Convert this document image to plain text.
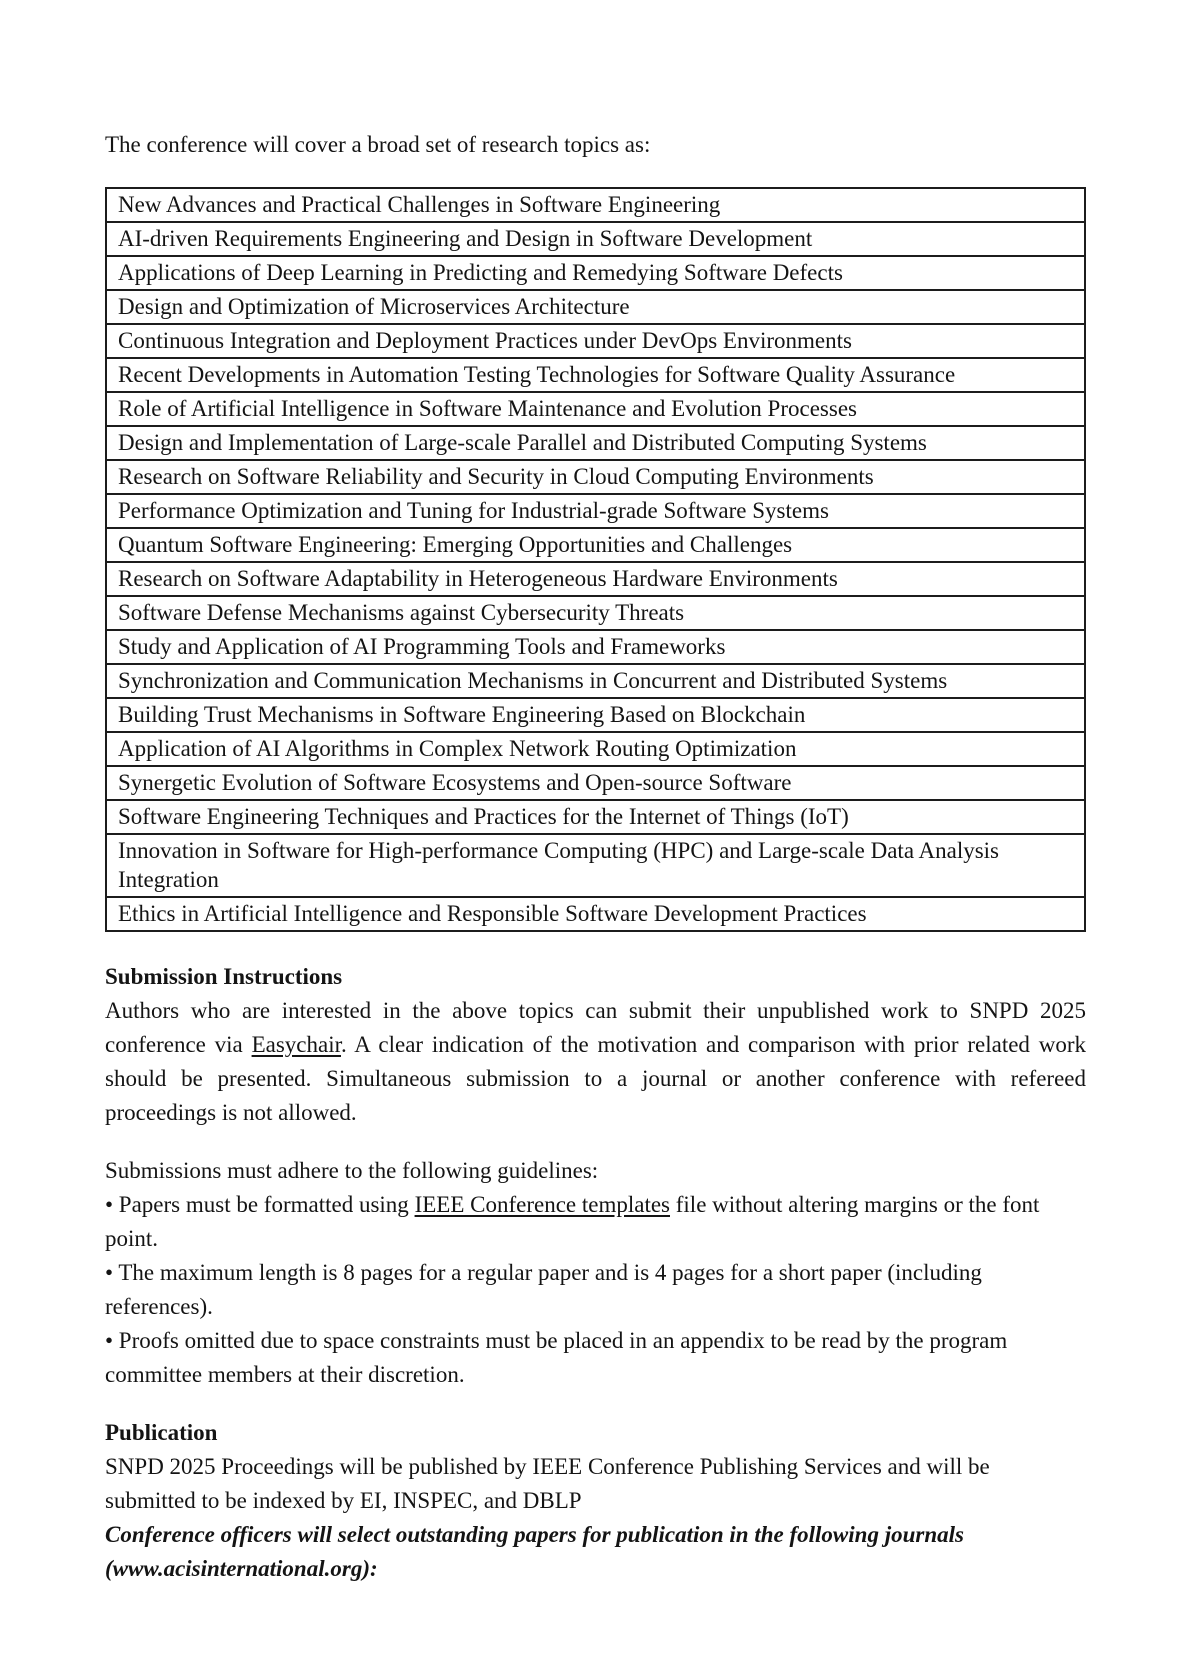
The conference will cover a broad set of research topics as:

New Advances and Practical Challenges in Software Engineering
AI-driven Requirements Engineering and Design in Software Development
Applications of Deep Learning in Predicting and Remedying Software Defects
Design and Optimization of Microservices Architecture
Continuous Integration and Deployment Practices under DevOps Environments
Recent Developments in Automation Testing Technologies for Software Quality Assurance
Role of Artificial Intelligence in Software Maintenance and Evolution Processes
Design and Implementation of Large-scale Parallel and Distributed Computing Systems
Research on Software Reliability and Security in Cloud Computing Environments
Performance Optimization and Tuning for Industrial-grade Software Systems
Quantum Software Engineering: Emerging Opportunities and Challenges
Research on Software Adaptability in Heterogeneous Hardware Environments
Software Defense Mechanisms against Cybersecurity Threats
Study and Application of AI Programming Tools and Frameworks
Synchronization and Communication Mechanisms in Concurrent and Distributed Systems
Building Trust Mechanisms in Software Engineering Based on Blockchain
Application of AI Algorithms in Complex Network Routing Optimization
Synergetic Evolution of Software Ecosystems and Open-source Software
Software Engineering Techniques and Practices for the Internet of Things (IoT)
Innovation in Software for High-performance Computing (HPC) and Large-scale Data Analysis Integration
Ethics in Artificial Intelligence and Responsible Software Development Practices
Submission Instructions

Authors who are interested in the above topics can submit their unpublished work to SNPD 2025 conference via Easychair. A clear indication of the motivation and comparison with prior related work should be presented. Simultaneous submission to a journal or another conference with refereed proceedings is not allowed.

Submissions must adhere to the following guidelines:

• Papers must be formatted using IEEE Conference templates file without altering margins or the font point.

• The maximum length is 8 pages for a regular paper and is 4 pages for a short paper (including references).

• Proofs omitted due to space constraints must be placed in an appendix to be read by the program committee members at their discretion.

Publication

SNPD 2025 Proceedings will be published by IEEE Conference Publishing Services and will be submitted to be indexed by EI, INSPEC, and DBLP

Conference officers will select outstanding papers for publication in the following journals (www.acisinternational.org):
